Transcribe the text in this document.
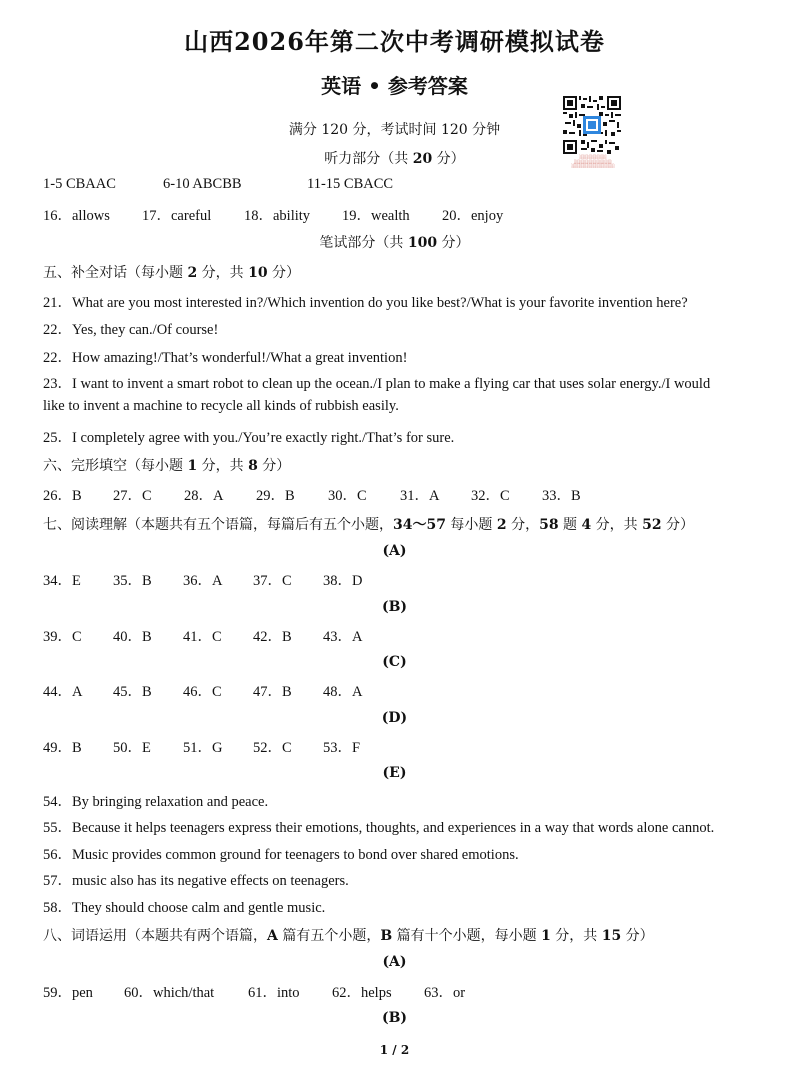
山西2026年第二次中考调研模拟试卷
英语 • 参考答案
满分 120 分，考试时间 120 分钟
听力部分（共 20 分）	░░░░░░░░░░
░░░░░░░░░░░░░░
░░░░░░░░░░░░░░░░
1-5 CBAAC	6-10 ABCBB	11-15 CBACC
16．allows 17．careful 18．ability 19．wealth 20．enjoy
笔试部分（共 100 分）
五、补全对话（每小题 2 分，共 10 分）
21．What are you most interested in?/Which invention do you like best?/What is your favorite invention here?
22．Yes, they can./Of course!
22．How amazing!/That’s wonderful!/What a great invention!
23．I want to invent a smart robot to clean up the ocean./I plan to make a flying car that uses solar energy./I would
like to invent a machine to recycle all kinds of rubbish easily.
25．I completely agree with you./You’re exactly right./That’s for sure.
六、完形填空（每小题 1 分，共 8 分）
26．B 27．C 28．A 29．B 30．C 31．A 32．C 33．B
七、阅读理解（本题共有五个语篇，每篇后有五个小题，34～57 每小题 2 分，58 题 4 分，共 52 分）
(A)
34．E 35．B 36．A 37．C 38．D
(B)
39．C 40．B 41．C 42．B 43．A
(C)
44．A 45．B 46．C 47．B 48．A
(D)
49．B 50．E 51．G 52．C 53．F
(E)
54．By bringing relaxation and peace.
55．Because it helps teenagers express their emotions, thoughts, and experiences in a way that words alone cannot.
56．Music provides common ground for teenagers to bond over shared emotions.
57．music also has its negative effects on teenagers.
58．They should choose calm and gentle music.
八、词语运用（本题共有两个语篇，A 篇有五个小题，B 篇有十个小题，每小题 1 分，共 15 分）
(A)
59．pen 60．which/that 61．into 62．helps 63．or
(B)
1 / 2
